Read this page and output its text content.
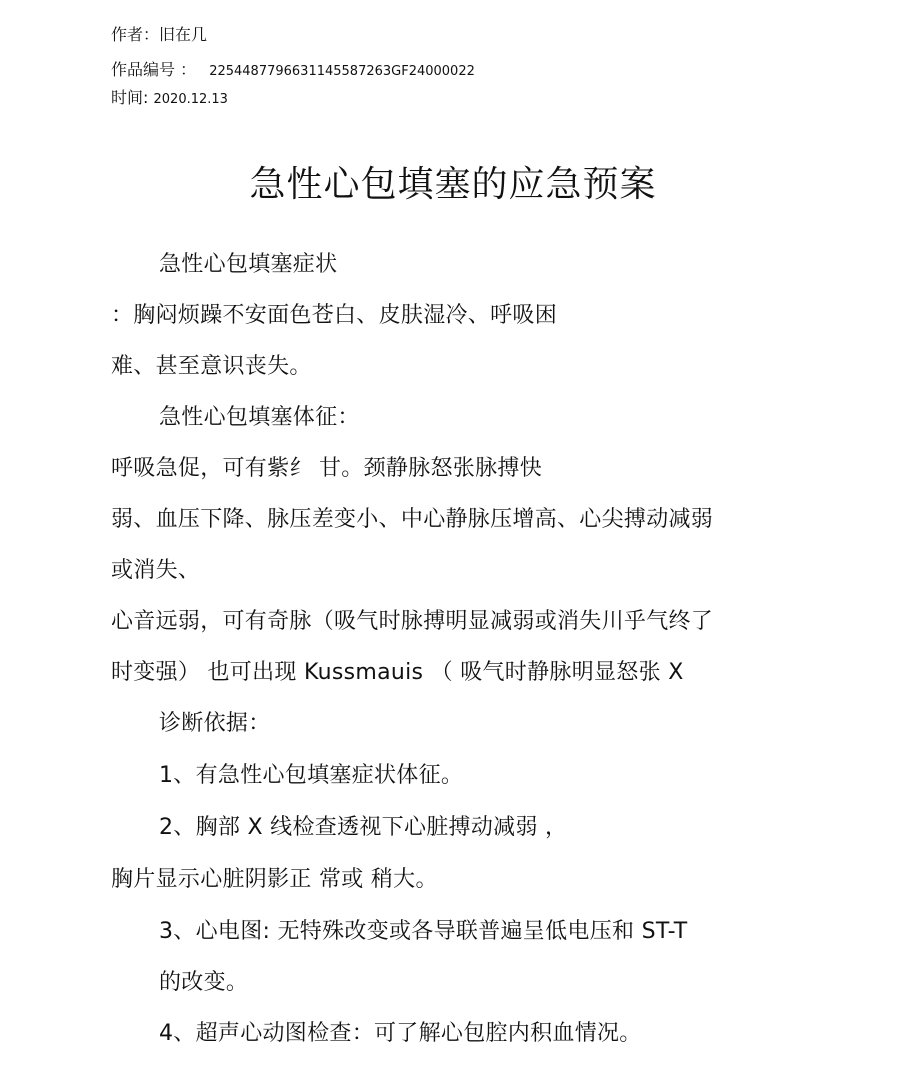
作者：旧在几
作品编号 ： 2254487796631145587263GF24000022
时间: 2020.12.13
急性心包填塞的应急预案
急性心包填塞症状
：胸闷烦躁不安面色苍白、皮肤湿冷、呼吸困
难、甚至意识丧失。
急性心包填塞体征：
呼吸急促，可有紫纟 甘。颈静脉怒张脉搏快
弱、血压下降、脉压差变小、中心静脉压增高、心尖搏动减弱
或消失、
心音远弱，可有奇脉（吸气时脉搏明显减弱或消失川乎气终了
时变强） 也可出现 Kussmauis （ 吸气时静脉明显怒张 X
诊断依据：
1、有急性心包填塞症状体征。
2、胸部 X 线检查透视下心脏搏动减弱 ，
胸片显示心脏阴影正 常或 稍大。
3、心电图: 无特殊改变或各导联普遍呈低电压和 ST-T
的改变。
4、超声心动图检查：可了解心包腔内积血情况。
